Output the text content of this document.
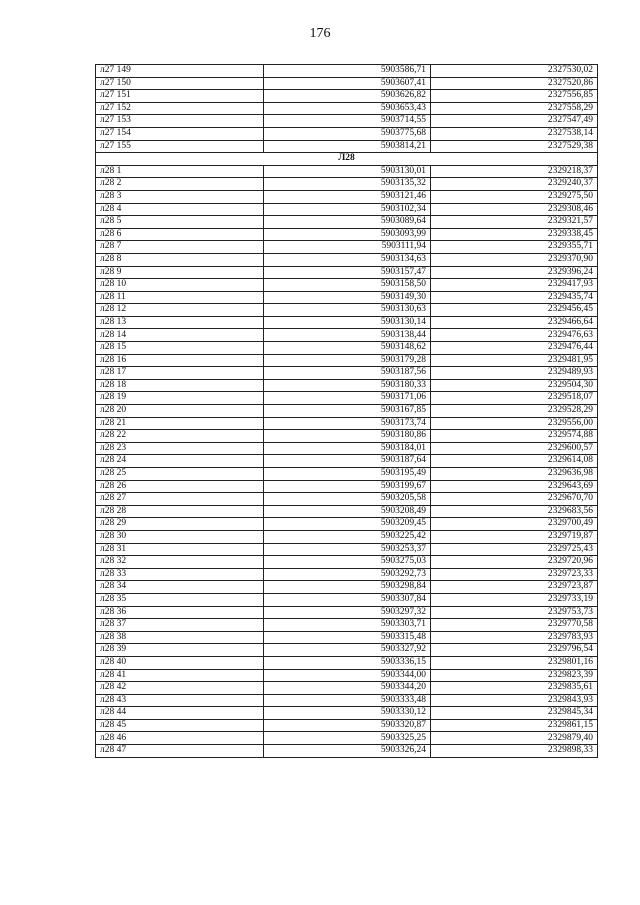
176
л27 149	5903586,71	2327530,02
л27 150	5903607,41	2327520,86
л27 151	5903626,82	2327556,85
л27 152	5903653,43	2327558,29
л27 153	5903714,55	2327547,49
л27 154	5903775,68	2327538,14
л27 155	5903814,21	2327529,38
Л28		
л28 1	5903130,01	2329218,37
л28 2	5903135,32	2329240,37
л28 3	5903121,46	2329275,50
л28 4	5903102,34	2329308,46
л28 5	5903089,64	2329321,57
л28 6	5903093,99	2329338,45
л28 7	5903111,94	2329355,71
л28 8	5903134,63	2329370,90
л28 9	5903157,47	2329396,24
л28 10	5903158,50	2329417,93
л28 11	5903149,30	2329435,74
л28 12	5903130,63	2329456,45
л28 13	5903130,14	2329466,64
л28 14	5903138,44	2329476,63
л28 15	5903148,62	2329476,44
л28 16	5903179,28	2329481,95
л28 17	5903187,56	2329489,93
л28 18	5903180,33	2329504,30
л28 19	5903171,06	2329518,07
л28 20	5903167,85	2329528,29
л28 21	5903173,74	2329556,00
л28 22	5903180,86	2329574,88
л28 23	5903184,01	2329600,57
л28 24	5903187,64	2329614,08
л28 25	5903195,49	2329636,98
л28 26	5903199,67	2329643,69
л28 27	5903205,58	2329670,70
л28 28	5903208,49	2329683,56
л28 29	5903209,45	2329700,49
л28 30	5903225,42	2329719,87
л28 31	5903253,37	2329725,43
л28 32	5903275,03	2329720,96
л28 33	5903292,73	2329723,33
л28 34	5903298,84	2329723,87
л28 35	5903307,84	2329733,19
л28 36	5903297,32	2329753,73
л28 37	5903303,71	2329770,58
л28 38	5903315,48	2329783,93
л28 39	5903327,92	2329796,54
л28 40	5903336,15	2329801,16
л28 41	5903344,00	2329823,39
л28 42	5903344,20	2329835,61
л28 43	5903333,48	2329843,93
л28 44	5903330,12	2329845,34
л28 45	5903320,87	2329861,15
л28 46	5903325,25	2329879,40
л28 47	5903326,24	2329898,33
